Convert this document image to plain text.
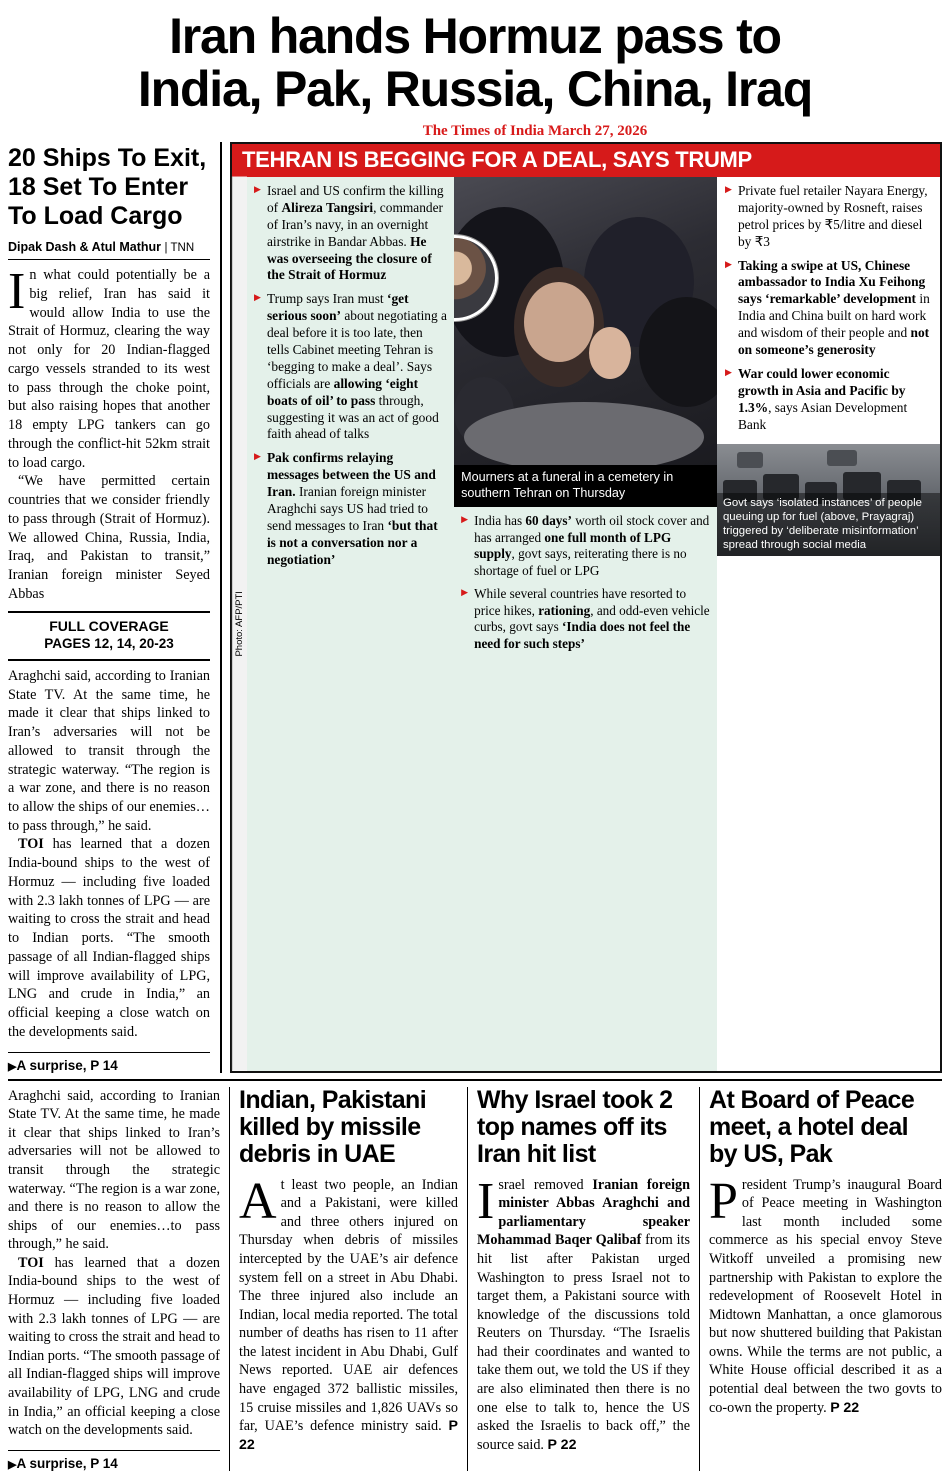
Iran hands Hormuz pass to
India, Pak, Russia, China, Iraq
The Times of India March 27, 2026
20 Ships To Exit, 18 Set To Enter To Load Cargo
Dipak Dash & Atul Mathur | TNN

In what could potentially be a big relief, Iran has said it would allow India to use the Strait of Hormuz, clearing the way not only for 20 Indian-flagged cargo vessels stranded to its west to pass through the choke point, but also raising hopes that another 18 empty LPG tankers can go through the conflict-hit 52km strait to load cargo.

“We have permitted certain countries that we consider friendly to pass through (Strait of Hormuz). We allowed China, Russia, India, Iraq, and Pakistan to transit,” Iranian foreign minister Seyed Abbas

FULL COVERAGE
PAGES 12, 14, 20-23

Araghchi said, according to Iranian State TV. At the same time, he made it clear that ships linked to Iran’s adversaries will not be allowed to transit through the strategic waterway. “The region is a war zone, and there is no reason to allow the ships of our enemies…to pass through,” he said.

TOI has learned that a dozen India-bound ships to the west of Hormuz — including five loaded with 2.3 lakh tonnes of LPG — are waiting to cross the strait and head to Indian ports. “The smooth passage of all Indian-flagged ships will improve availability of LPG, LNG and crude in India,” an official keeping a close watch on the developments said.

▶ A surprise, P 14
TEHRAN IS BEGGING FOR A DEAL, SAYS TRUMP
Photo: AFP/PTI
▶ Israel and US confirm the killing of Alireza Tangsiri, commander of Iran’s navy, in an overnight airstrike in Bandar Abbas. He was overseeing the closure of the Strait of Hormuz
▶ Trump says Iran must ‘get serious soon’ about negotiating a deal before it is too late, then tells Cabinet meeting Tehran is ‘begging to make a deal’. Says officials are allowing ‘eight boats of oil’ to pass through, suggesting it was an act of good faith ahead of talks
▶ Pak confirms relaying messages between the US and Iran. Iranian foreign minister Araghchi says US had tried to send messages to Iran ‘but that is not a conversation nor a negotiation’
Mourners at a funeral in a cemetery in southern Tehran on Thursday
▶ India has 60 days’ worth oil stock cover and has arranged one full month of LPG supply, govt says, reiterating there is no shortage of fuel or LPG
▶ While several countries have resorted to price hikes, rationing, and odd-even vehicle curbs, govt says ‘India does not feel the need for such steps’
▶ Private fuel retailer Nayara Energy, majority-owned by Rosneft, raises petrol prices by ₹5/litre and diesel by ₹3
▶ Taking a swipe at US, Chinese ambassador to India Xu Feihong says ‘remarkable’ development in India and China built on hard work and wisdom of their people and not on someone’s generosity
▶ War could lower economic growth in Asia and Pacific by 1.3%, says Asian Development Bank
Govt says ‘isolated instances’ of people queuing up for fuel (above, Prayagraj) triggered by ‘deliberate misinformation’ spread through social media

Araghchi said, according to Iranian State TV. At the same time, he made it clear that ships linked to Iran’s adversaries will not be allowed to transit through the strategic waterway. “The region is a war zone, and there is no reason to allow the ships of our enemies…to pass through,” he said.

TOI has learned that a dozen India-bound ships to the west of Hormuz — including five loaded with 2.3 lakh tonnes of LPG — are waiting to cross the strait and head to Indian ports. “The smooth passage of all Indian-flagged ships will improve availability of LPG, LNG and crude in India,” an official keeping a close watch on the developments said.

▶ A surprise, P 14
Indian, Pakistani killed by missile debris in UAE
At least two people, an Indian and a Pakistani, were killed and three others injured on Thursday when debris of missiles intercepted by the UAE’s air defence system fell on a street in Abu Dhabi. The three injured also include an Indian, local media reported. The total number of deaths has risen to 11 after the latest incident in Abu Dhabi, Gulf News reported. UAE air defences have engaged 372 ballistic missiles, 15 cruise missiles and 1,826 UAVs so far, UAE’s defence ministry said. P 22
Why Israel took 2 top names off its Iran hit list
Israel removed Iranian foreign minister Abbas Araghchi and parliamentary speaker Mohammad Baqer Qalibaf from its hit list after Pakistan urged Washington to press Israel not to target them, a Pakistani source with knowledge of the discussions told Reuters on Thursday. “The Israelis had their coordinates and wanted to take them out, we told the US if they are also eliminated then there is no one else to talk to, hence the US asked the Israelis to back off,” the source said. P 22
At Board of Peace meet, a hotel deal by US, Pak
President Trump’s inaugural Board of Peace meeting in Washington last month included some commerce as his special envoy Steve Witkoff unveiled a promising new partnership with Pakistan to explore the redevelopment of Roosevelt Hotel in Midtown Manhattan, a once glamorous but now shuttered building that Pakistan owns. While the terms are not public, a White House official described it as a potential deal between the two govts to co-own the property. P 22
